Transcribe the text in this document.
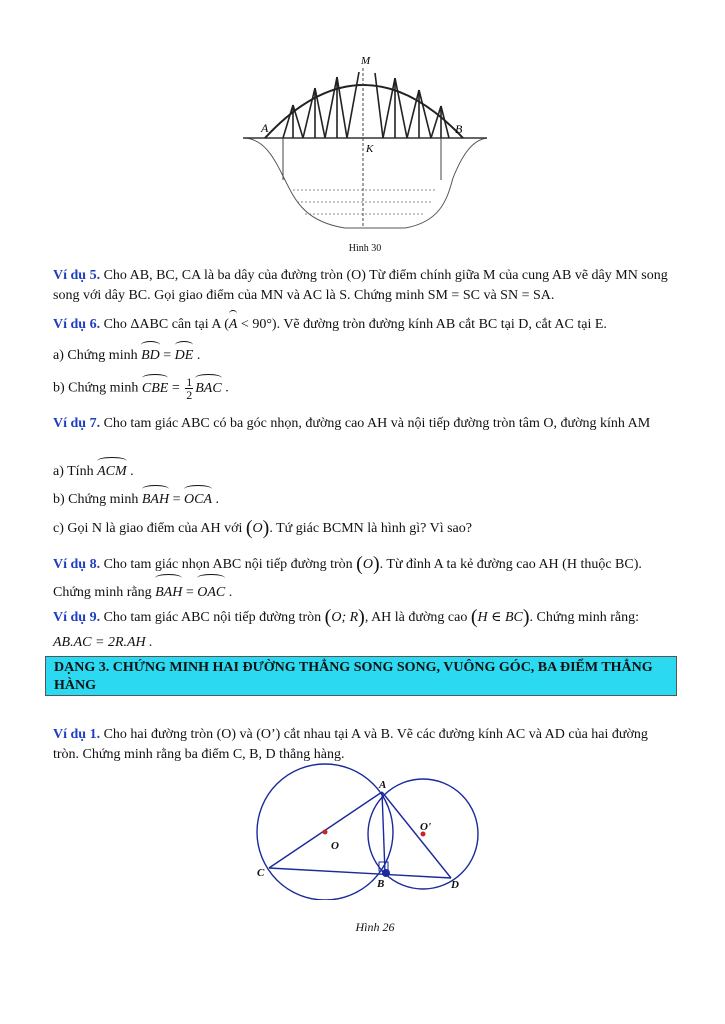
M
A	B
K
Hình 30

Ví dụ 5. Cho AB, BC, CA là ba dây của đường tròn (O) Từ điểm chính giữa M của cung AB vẽ dây MN song song với dây BC. Gọi giao điểm của MN và AC là S. Chứng minh SM = SC và SN = SA.

Ví dụ 6. Cho ΔABC cân tại A (A < 90°). Vẽ đường tròn đường kính AB cắt BC tại D, cắt AC tại E.

a) Chứng minh BD = DE .

b) Chứng minh CBE = $\frac{1}{2}$ BAC .

Ví dụ 7. Cho tam giác ABC có ba góc nhọn, đường cao AH và nội tiếp đường tròn tâm O, đường kính AM

a) Tính ACM .

b) Chứng minh BAH = OCA .

c) Gọi N là giao điểm của AH với (O). Tứ giác BCMN là hình gì? Vì sao?

Ví dụ 8. Cho tam giác nhọn ABC nội tiếp đường tròn (O). Từ đỉnh A ta kẻ đường cao AH (H thuộc BC). Chứng minh rằng BAH = OAC .

Ví dụ 9. Cho tam giác ABC nội tiếp đường tròn (O; R), AH là đường cao (H ∈ BC). Chứng minh rằng:

AB.AC = 2R.AH .

DẠNG 3. CHỨNG MINH HAI ĐƯỜNG THẲNG SONG SONG, VUÔNG GÓC, BA ĐIỂM THẲNG HÀNG

Ví dụ 1. Cho hai đường tròn (O) và (O’) cắt nhau tại A và B. Vẽ các đường kính AC và AD của hai đường tròn. Chứng minh rằng ba điểm C, B, D thẳng hàng.

A
O
O'
C
B	D
Hình 26
